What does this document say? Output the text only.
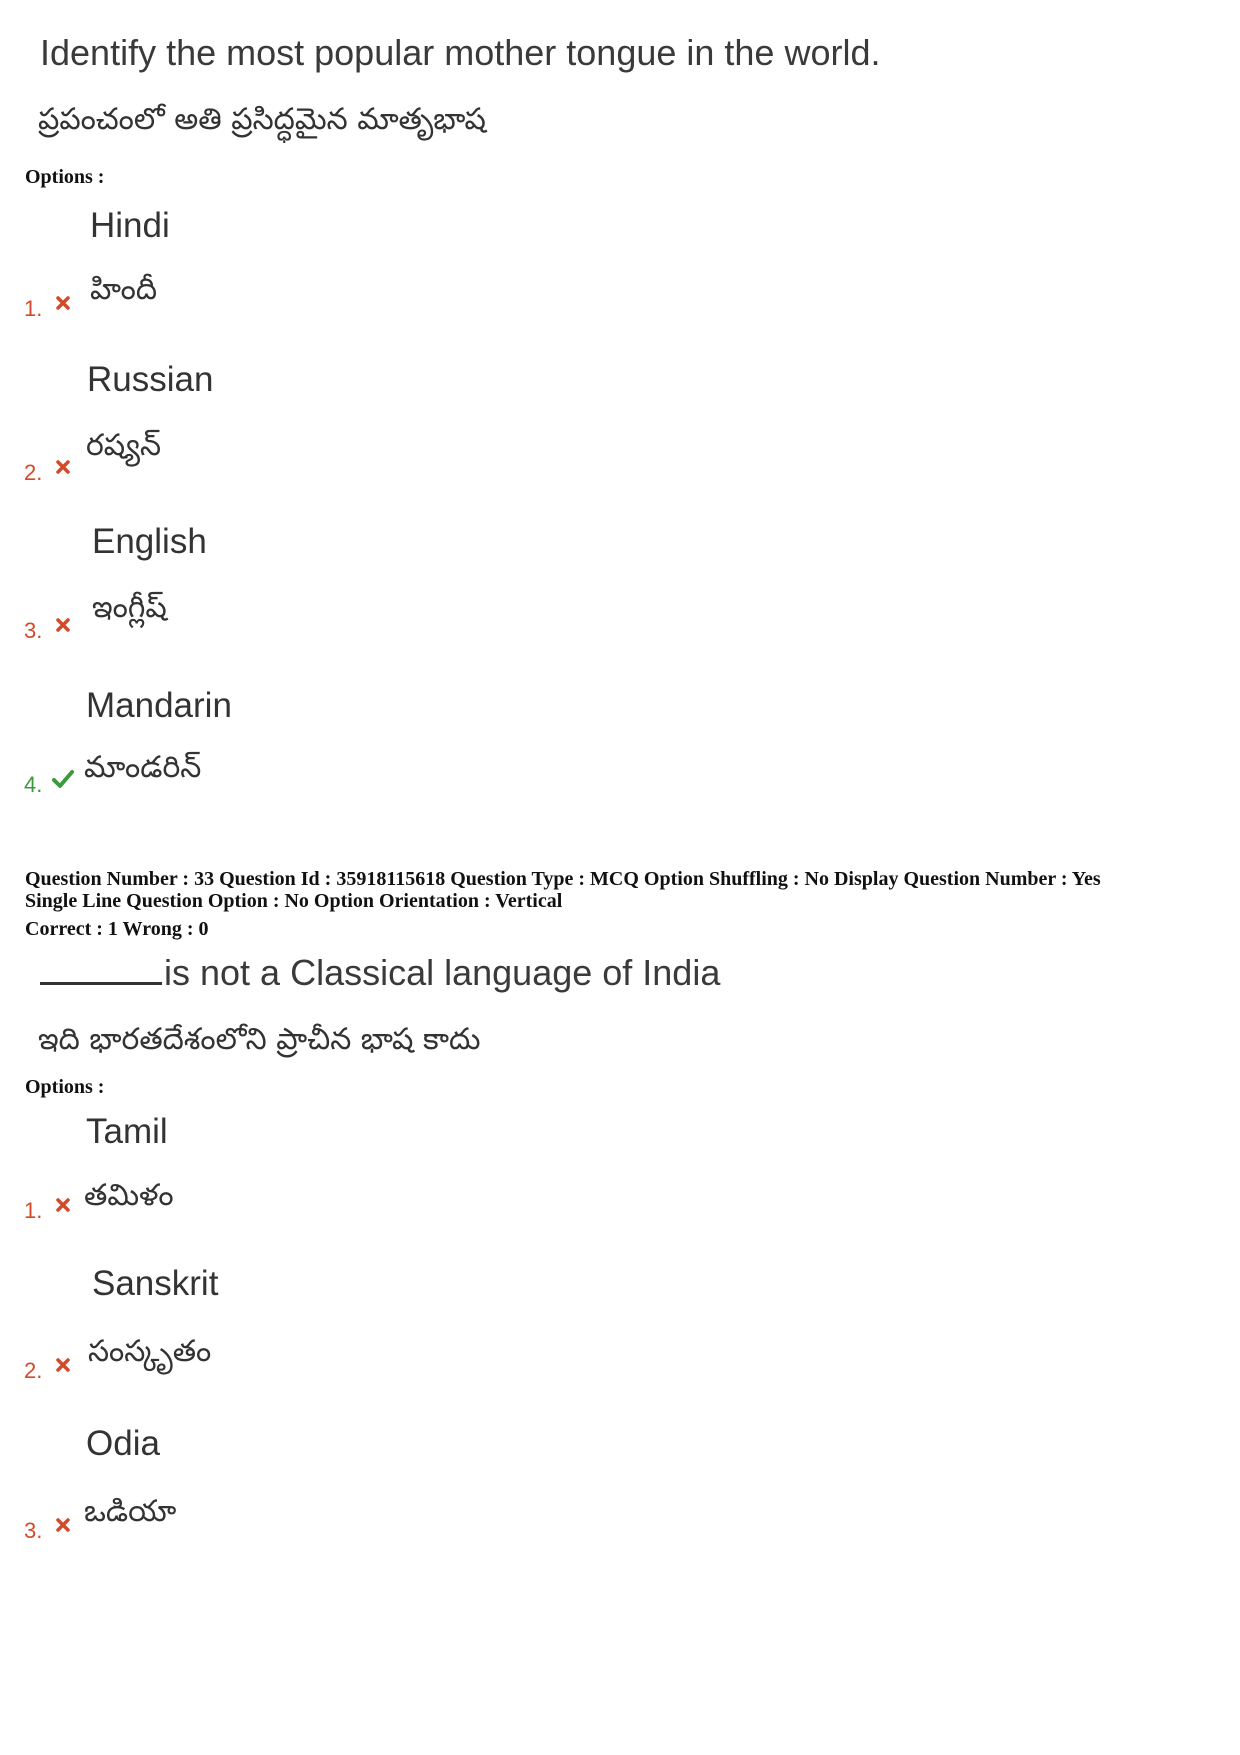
Identify the most popular mother tongue in the world.
ప్రపంచంలో అతి ప్రసిద్ధమైన మాతృభాష
Options :
Hindi
1.
హిందీ
Russian
2.
రష్యన్
English
3.
ఇంగ్లీష్
Mandarin
4. మాండరిన్
Question Number : 33 Question Id : 35918115618 Question Type : MCQ Option Shuffling : No Display Question Number : Yes
Single Line Question Option : No Option Orientation : Vertical
Correct : 1 Wrong : 0
is not a Classical language of India
ఇది భారతదేశంలోని ప్రాచీన భాష కాదు
Options :
Tamil
1. తమిళం
Sanskrit
2.
సంస్కృతం
Odia
3.
ఒడియా
